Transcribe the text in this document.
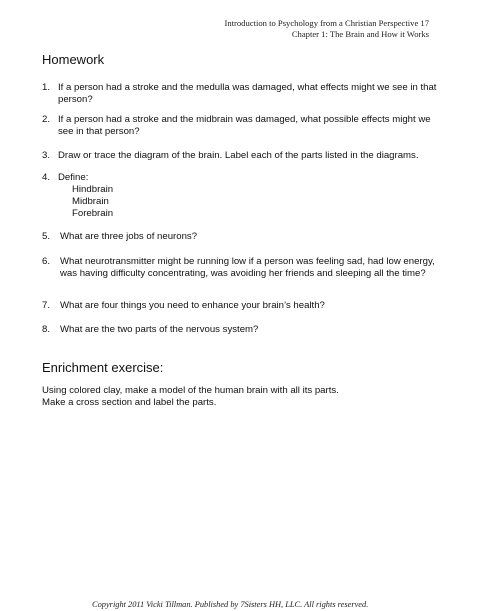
Introduction to Psychology from a Christian Perspective 17
Chapter 1: The Brain and How it Works
Homework
1. If a person had a stroke and the medulla was damaged, what effects might we see in that person?
2. If a person had a stroke and the midbrain was damaged, what possible effects might we see in that person?
3. Draw or trace the diagram of the brain. Label each of the parts listed in the diagrams.
4. Define:
Hindbrain
Midbrain
Forebrain
5. What are three jobs of neurons?
6. What neurotransmitter might be running low if a person was feeling sad, had low energy, was having difficulty concentrating, was avoiding her friends and sleeping all the time?
7. What are four things you need to enhance your brain’s health?
8. What are the two parts of the nervous system?
Enrichment exercise:
Using colored clay, make a model of the human brain with all its parts.
Make a cross section and label the parts.
Copyright 2011 Vicki Tillman. Published by 7Sisters HH, LLC. All rights reserved.
